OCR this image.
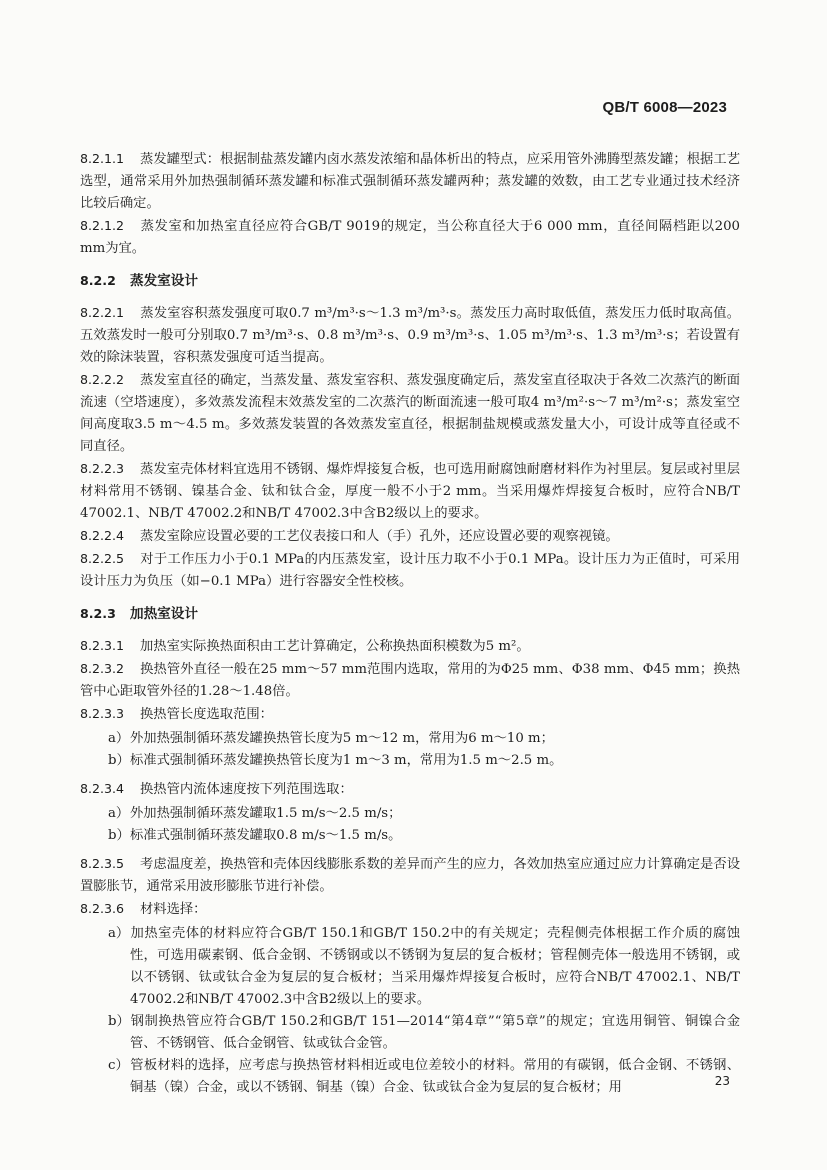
QB/T 6008—2023

8.2.1.1 蒸发罐型式：根据制盐蒸发罐内卤水蒸发浓缩和晶体析出的特点，应采用管外沸腾型蒸发罐；根据工艺选型，通常采用外加热强制循环蒸发罐和标准式强制循环蒸发罐两种；蒸发罐的效数，由工艺专业通过技术经济比较后确定。

8.2.1.2 蒸发室和加热室直径应符合GB/T 9019的规定，当公称直径大于6 000 mm，直径间隔档距以200 mm为宜。

8.2.2 蒸发室设计

8.2.2.1 蒸发室容积蒸发强度可取0.7 m³/m³·s～1.3 m³/m³·s。蒸发压力高时取低值，蒸发压力低时取高值。五效蒸发时一般可分别取0.7 m³/m³·s、0.8 m³/m³·s、0.9 m³/m³·s、1.05 m³/m³·s、1.3 m³/m³·s；若设置有效的除沫装置，容积蒸发强度可适当提高。

8.2.2.2 蒸发室直径的确定，当蒸发量、蒸发室容积、蒸发强度确定后，蒸发室直径取决于各效二次蒸汽的断面流速（空塔速度），多效蒸发流程末效蒸发室的二次蒸汽的断面流速一般可取4 m³/m²·s～7 m³/m²·s；蒸发室空间高度取3.5 m～4.5 m。多效蒸发装置的各效蒸发室直径，根据制盐规模或蒸发量大小，可设计成等直径或不同直径。

8.2.2.3 蒸发室壳体材料宜选用不锈钢、爆炸焊接复合板，也可选用耐腐蚀耐磨材料作为衬里层。复层或衬里层材料常用不锈钢、镍基合金、钛和钛合金，厚度一般不小于2 mm。当采用爆炸焊接复合板时，应符合NB/T 47002.1、NB/T 47002.2和NB/T 47002.3中含B2级以上的要求。

8.2.2.4 蒸发室除应设置必要的工艺仪表接口和人（手）孔外，还应设置必要的观察视镜。

8.2.2.5 对于工作压力小于0.1 MPa的内压蒸发室，设计压力取不小于0.1 MPa。设计压力为正值时，可采用设计压力为负压（如−0.1 MPa）进行容器安全性校核。

8.2.3 加热室设计

8.2.3.1 加热室实际换热面积由工艺计算确定，公称换热面积模数为5 m²。

8.2.3.2 换热管外直径一般在25 mm～57 mm范围内选取，常用的为Φ25 mm、Φ38 mm、Φ45 mm；换热管中心距取管外径的1.28～1.48倍。

8.2.3.3 换热管长度选取范围：

a）外加热强制循环蒸发罐换热管长度为5 m～12 m，常用为6 m～10 m；

b）标准式强制循环蒸发罐换热管长度为1 m～3 m，常用为1.5 m～2.5 m。

8.2.3.4 换热管内流体速度按下列范围选取：

a）外加热强制循环蒸发罐取1.5 m/s～2.5 m/s；

b）标准式强制循环蒸发罐取0.8 m/s～1.5 m/s。

8.2.3.5 考虑温度差，换热管和壳体因线膨胀系数的差异而产生的应力，各效加热室应通过应力计算确定是否设置膨胀节，通常采用波形膨胀节进行补偿。

8.2.3.6 材料选择：

a）加热室壳体的材料应符合GB/T 150.1和GB/T 150.2中的有关规定；壳程侧壳体根据工作介质的腐蚀性，可选用碳素钢、低合金钢、不锈钢或以不锈钢为复层的复合板材；管程侧壳体一般选用不锈钢，或以不锈钢、钛或钛合金为复层的复合板材；当采用爆炸焊接复合板时，应符合NB/T 47002.1、NB/T 47002.2和NB/T 47002.3中含B2级以上的要求。

b）钢制换热管应符合GB/T 150.2和GB/T 151—2014“第4章”“第5章”的规定；宜选用铜管、铜镍合金管、不锈钢管、低合金钢管、钛或钛合金管。

c）管板材料的选择，应考虑与换热管材料相近或电位差较小的材料。常用的有碳钢，低合金钢、不锈钢、铜基（镍）合金，或以不锈钢、铜基（镍）合金、钛或钛合金为复层的复合板材；用	23
